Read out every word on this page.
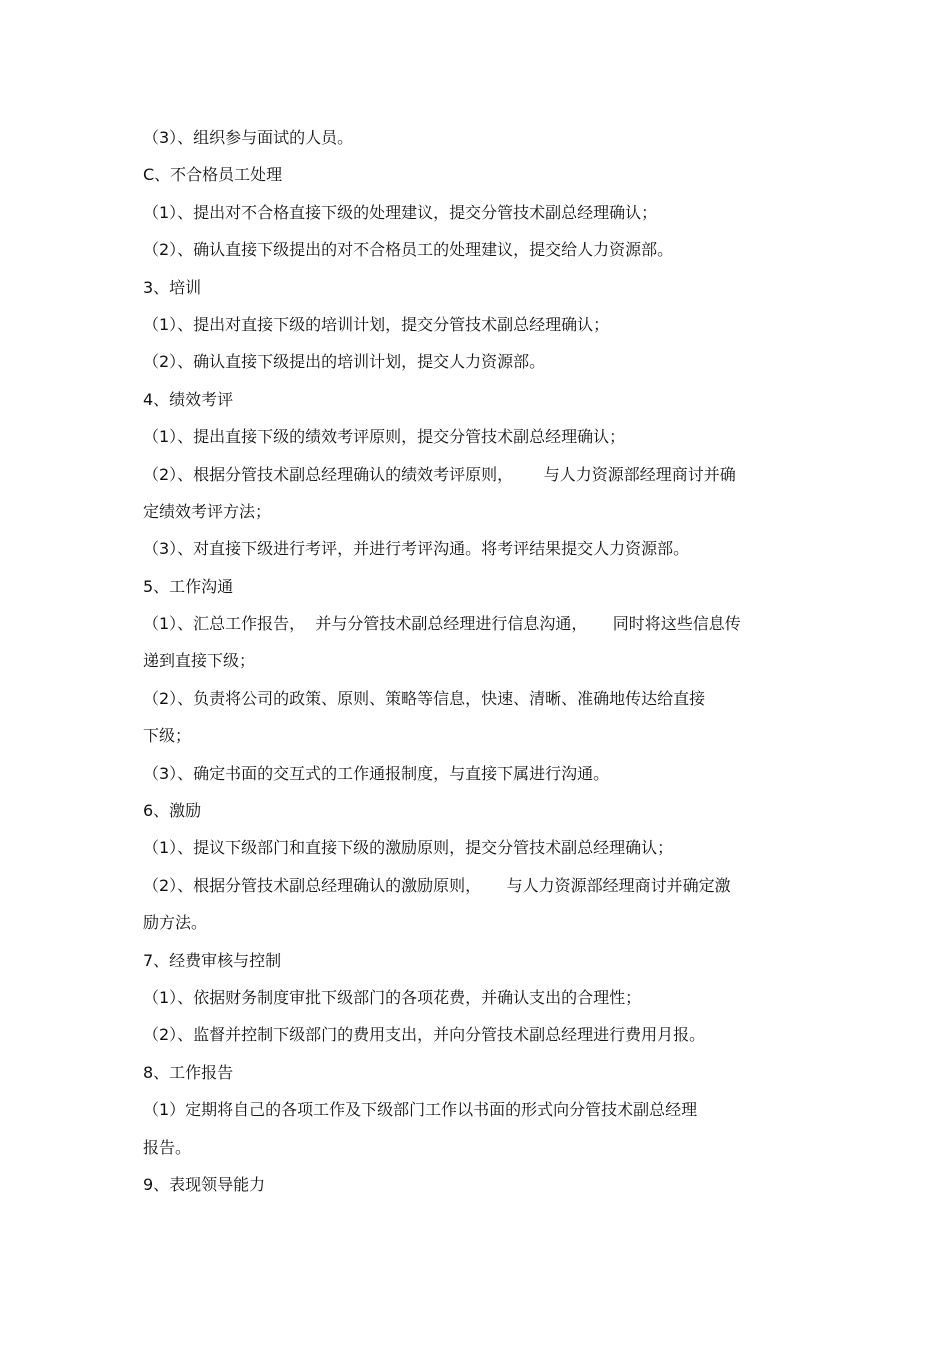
（3）、组织参与面试的人员。
C、不合格员工处理
（1）、提出对不合格直接下级的处理建议，提交分管技术副总经理确认；
（2）、确认直接下级提出的对不合格员工的处理建议，提交给人力资源部。
3、培训
（1）、提出对直接下级的培训计划，提交分管技术副总经理确认；
（2）、确认直接下级提出的培训计划，提交人力资源部。
4、绩效考评
（1）、提出直接下级的绩效考评原则，提交分管技术副总经理确认；
（2）、根据分管技术副总经理确认的绩效考评原则，      与人力资源部经理商讨并确
定绩效考评方法；
（3）、对直接下级进行考评，并进行考评沟通。将考评结果提交人力资源部。
5、工作沟通
（1）、汇总工作报告，  并与分管技术副总经理进行信息沟通，     同时将这些信息传
递到直接下级；
（2）、负责将公司的政策、原则、策略等信息，快速、清晰、准确地传达给直接
下级；
（3）、确定书面的交互式的工作通报制度，与直接下属进行沟通。
6、激励
（1）、提议下级部门和直接下级的激励原则，提交分管技术副总经理确认；
（2）、根据分管技术副总经理确认的激励原则，     与人力资源部经理商讨并确定激
励方法。
7、经费审核与控制
（1）、依据财务制度审批下级部门的各项花费，并确认支出的合理性；
（2）、监督并控制下级部门的费用支出，并向分管技术副总经理进行费用月报。
8、工作报告
（1）定期将自己的各项工作及下级部门工作以书面的形式向分管技术副总经理
报告。
9、表现领导能力
